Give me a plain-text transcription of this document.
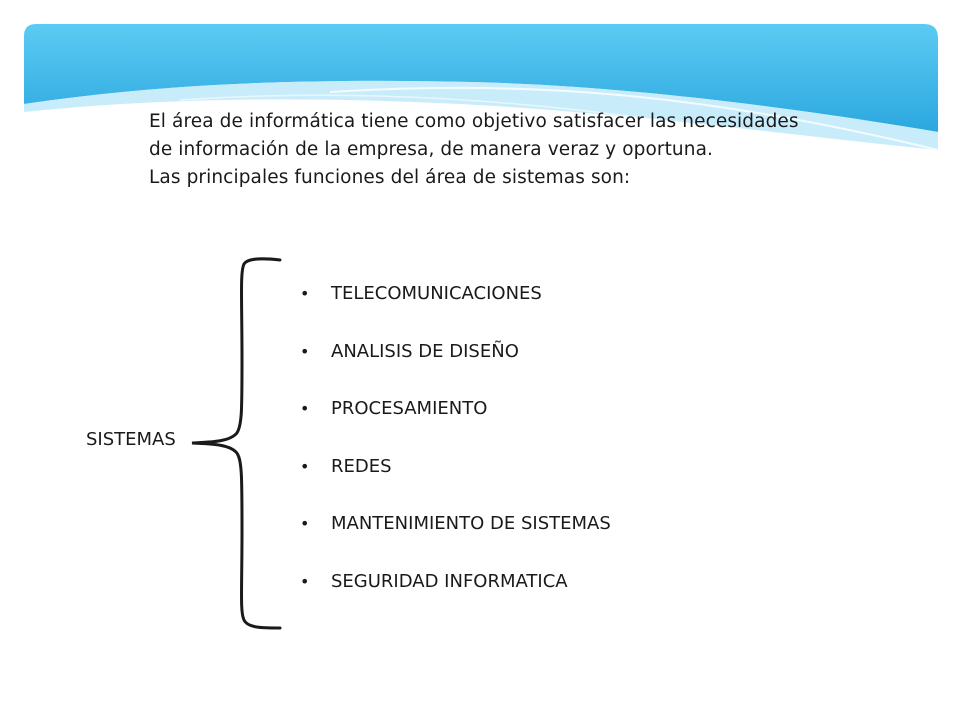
El área de informática tiene como objetivo satisfacer las necesidades
de información de la empresa, de manera veraz y oportuna.
Las principales funciones del área de sistemas son:
SISTEMAS
• TELECOMUNICACIONES
• ANALISIS DE DISEÑO
• PROCESAMIENTO
• REDES
• MANTENIMIENTO DE SISTEMAS
• SEGURIDAD INFORMATICA
